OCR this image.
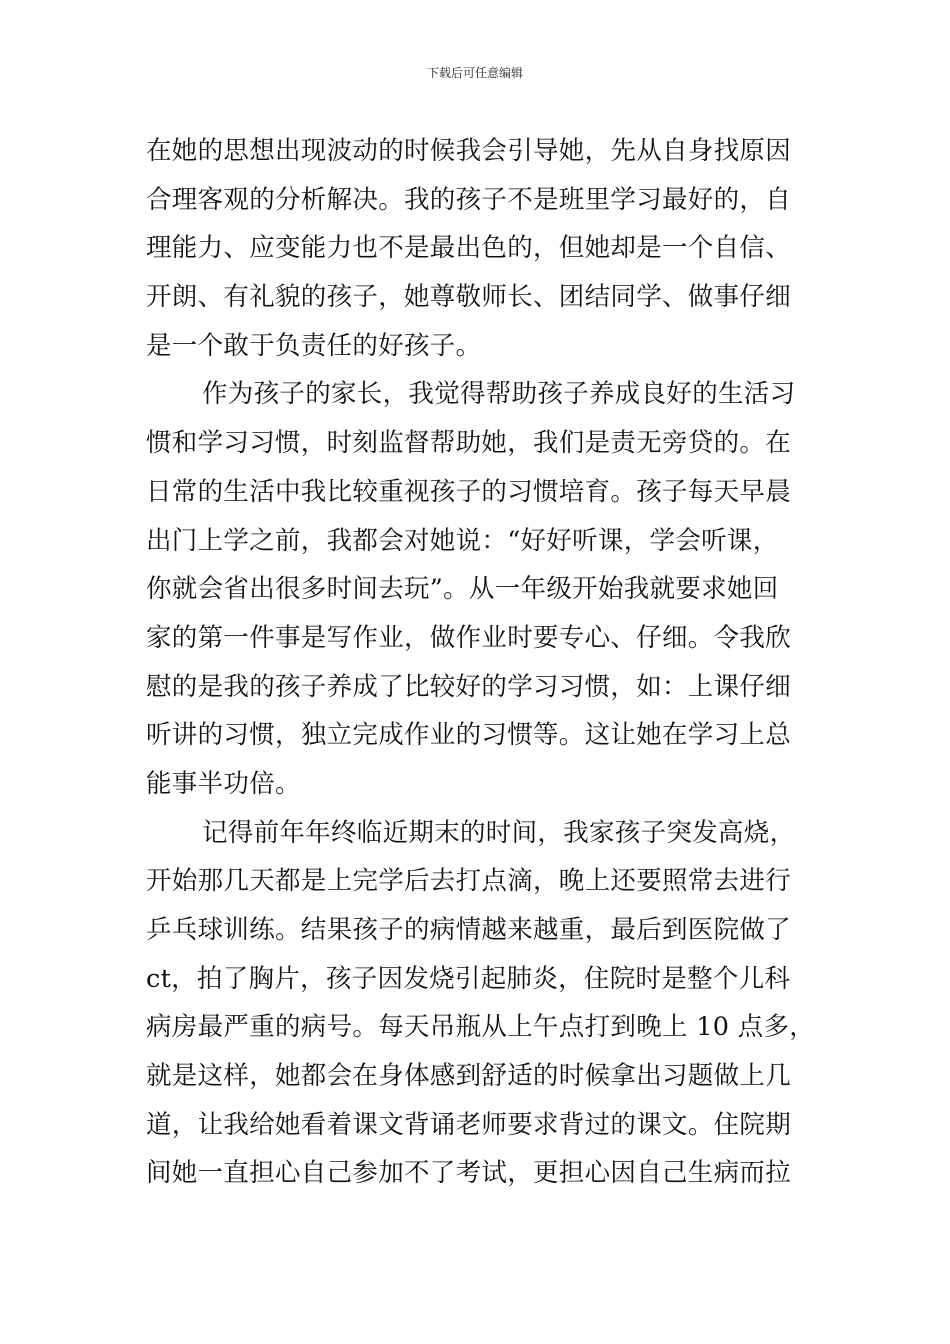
下载后可任意编辑
在她的思想出现波动的时候我会引导她，先从自身找原因
合理客观的分析解决。我的孩子不是班里学习最好的，自
理能力、应变能力也不是最出色的，但她却是一个自信、
开朗、有礼貌的孩子，她尊敬师长、团结同学、做事仔细
是一个敢于负责任的好孩子。
作为孩子的家长，我觉得帮助孩子养成良好的生活习
惯和学习习惯，时刻监督帮助她，我们是责无旁贷的。在
日常的生活中我比较重视孩子的习惯培育。孩子每天早晨
出门上学之前，我都会对她说：“好好听课，学会听课，
你就会省出很多时间去玩”。从一年级开始我就要求她回
家的第一件事是写作业，做作业时要专心、仔细。令我欣
慰的是我的孩子养成了比较好的学习习惯，如：上课仔细
听讲的习惯，独立完成作业的习惯等。这让她在学习上总
能事半功倍。
记得前年年终临近期末的时间，我家孩子突发高烧，
开始那几天都是上完学后去打点滴，晚上还要照常去进行
乒乓球训练。结果孩子的病情越来越重，最后到医院做了
ct，拍了胸片，孩子因发烧引起肺炎，住院时是整个儿科
病房最严重的病号。每天吊瓶从上午点打到晚上 10 点多，
就是这样，她都会在身体感到舒适的时候拿出习题做上几
道，让我给她看着课文背诵老师要求背过的课文。住院期
间她一直担心自己参加不了考试，更担心因自己生病而拉
